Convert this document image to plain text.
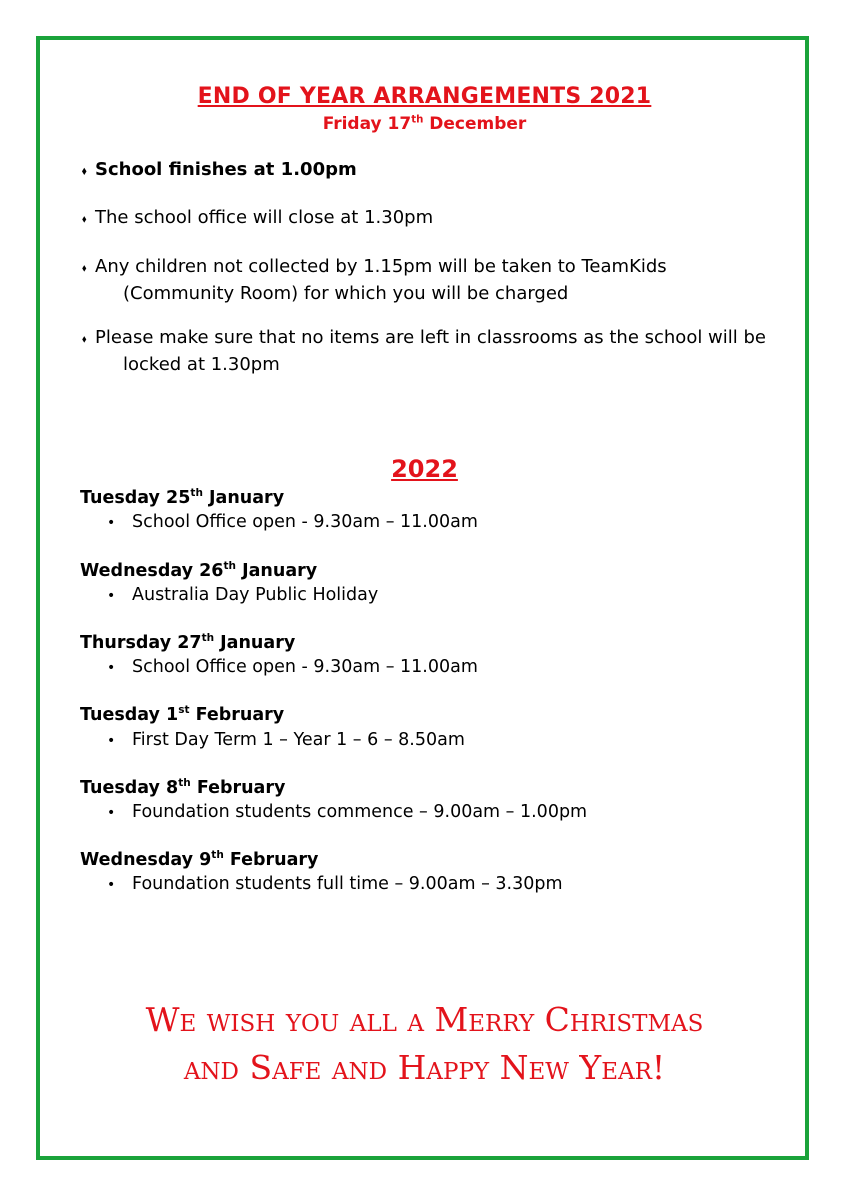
END OF YEAR ARRANGEMENTS 2021
Friday 17th December
⬧ School finishes at 1.00pm
⬧ The school office will close at 1.30pm
⬧ Any children not collected by 1.15pm will be taken to TeamKids
(Community Room) for which you will be charged
⬧ Please make sure that no items are left in classrooms as the school will be
locked at 1.30pm
2022
Tuesday 25th January
• School Office open - 9.30am – 11.00am
Wednesday 26th January
• Australia Day Public Holiday
Thursday 27th January
• School Office open - 9.30am – 11.00am
Tuesday 1st February
• First Day Term 1 – Year 1 – 6 – 8.50am
Tuesday 8th February
• Foundation students commence – 9.00am – 1.00pm
Wednesday 9th February
• Foundation students full time – 9.00am – 3.30pm
We wish you all a Merry Christmas
and Safe and Happy New Year!
